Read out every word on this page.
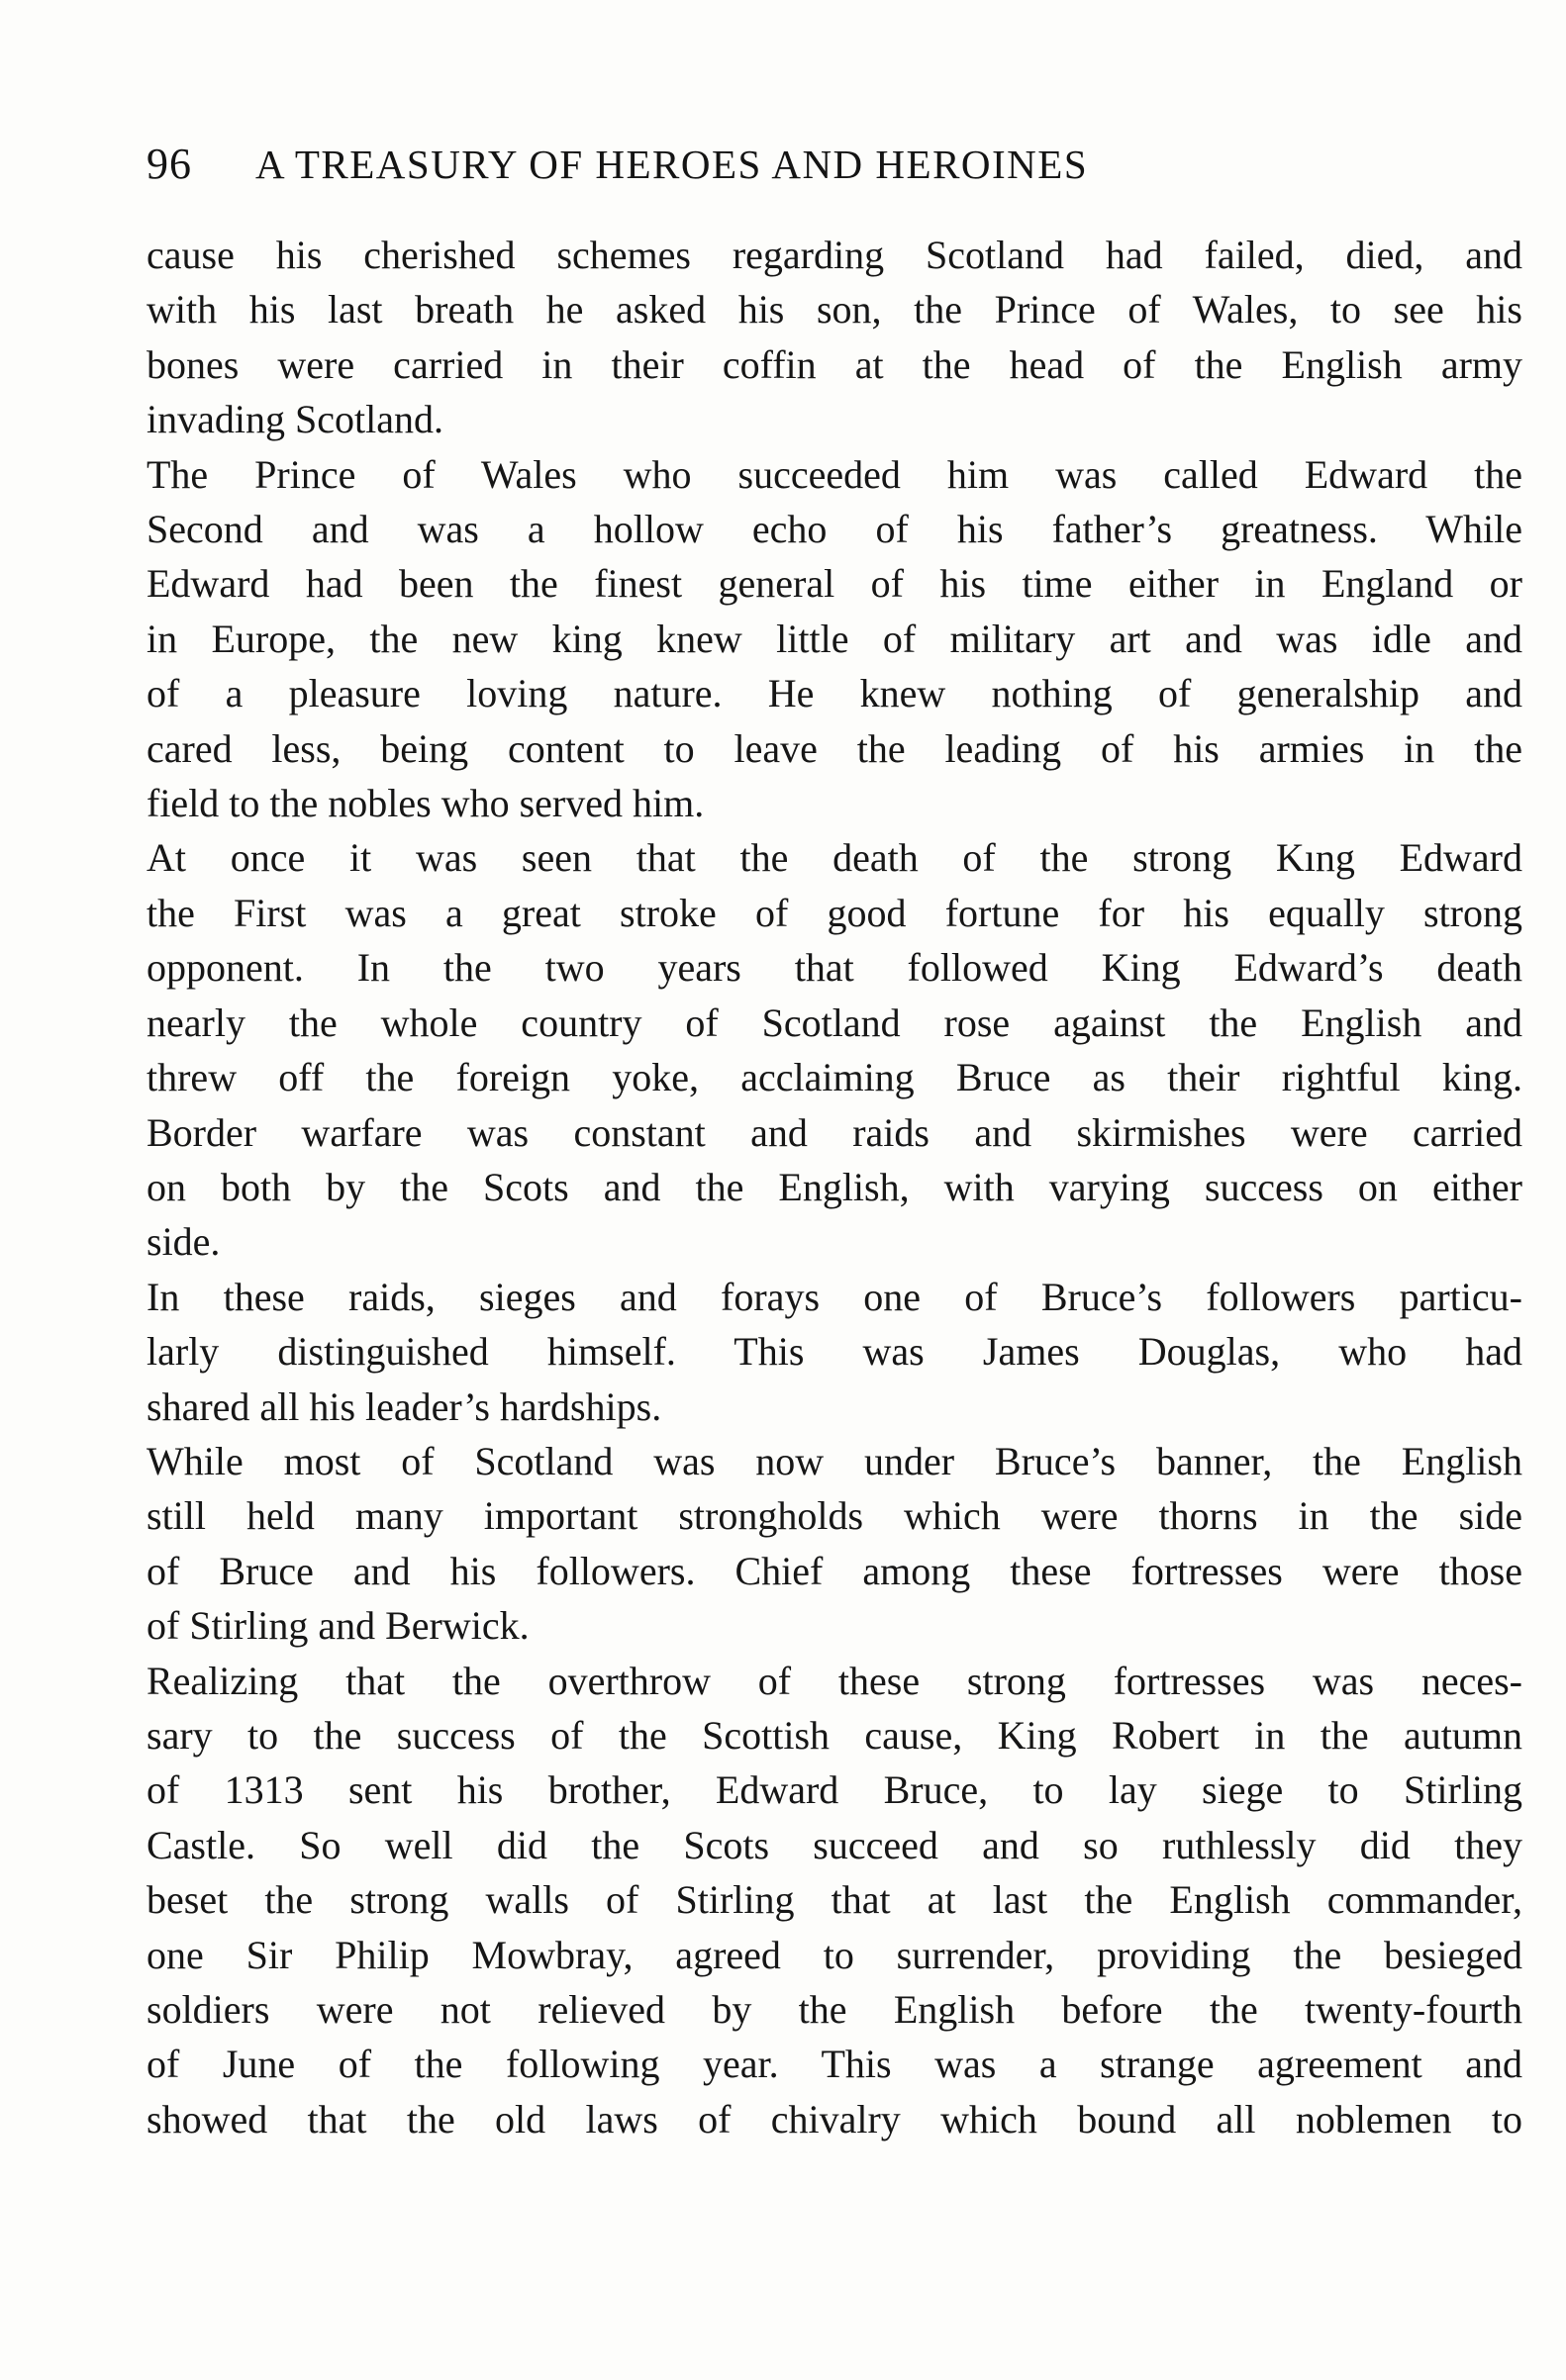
96 A TREASURY OF HEROES AND HEROINES

cause his cherished schemes regarding Scotland had failed, died, and
with his last breath he asked his son, the Prince of Wales, to see his
bones were carried in their coffin at the head of the English army
invading Scotland.

The Prince of Wales who succeeded him was called Edward the
Second and was a hollow echo of his father’s greatness. While
Edward had been the finest general of his time either in England or
in Europe, the new king knew little of military art and was idle and
of a pleasure loving nature. He knew nothing of generalship and
cared less, being content to leave the leading of his armies in the
field to the nobles who served him.

At once it was seen that the death of the strong Kıng Edward
the First was a great stroke of good fortune for his equally strong
opponent. In the two years that followed King Edward’s death
nearly the whole country of Scotland rose against the English and
threw off the foreign yoke, acclaiming Bruce as their rightful king.
Border warfare was constant and raids and skirmishes were carried
on both by the Scots and the English, with varying success on either
side.

In these raids, sieges and forays one of Bruce’s followers particu-
larly distinguished himself. This was James Douglas, who had
shared all his leader’s hardships.

While most of Scotland was now under Bruce’s banner, the English
still held many important strongholds which were thorns in the side
of Bruce and his followers. Chief among these fortresses were those
of Stirling and Berwick.

Realizing that the overthrow of these strong fortresses was neces-
sary to the success of the Scottish cause, King Robert in the autumn
of 1313 sent his brother, Edward Bruce, to lay siege to Stirling
Castle. So well did the Scots succeed and so ruthlessly did they
beset the strong walls of Stirling that at last the English commander,
one Sir Philip Mowbray, agreed to surrender, providing the besieged
soldiers were not relieved by the English before the twenty-fourth
of June of the following year. This was a strange agreement and
showed that the old laws of chivalry which bound all noblemen to
